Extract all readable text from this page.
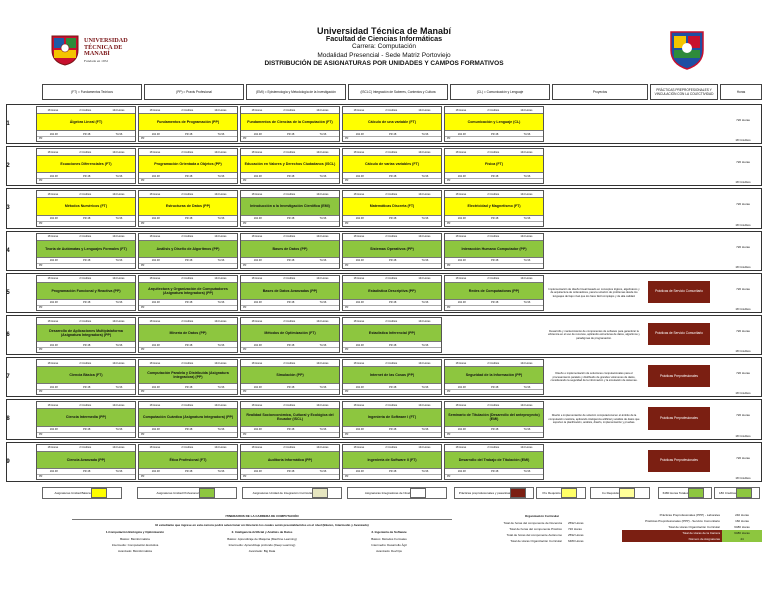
UNIVERSIDAD
TÉCNICA DE
MANABÍ
Fundada en 1952
Universidad Técnica de Manabí
Facultad de Ciencias Informáticas
Carrera: Computación
Modalidad Presencial - Sede Matriz Portoviejo
DISTRIBUCIÓN DE ASIGNATURAS POR UNIDADES Y CAMPOS FORMATIVOS
(FT) = Fundamentos Teóricos	(PP) = Praxis Profesional	(EMI) = Epistemología y Metodología de la Investigación	(ISCLC) Integración de Saberes, Contextos y Cultura	(CL) = Comunicación y Lenguaje	Proyectos	PRÁCTICAS PREPROFESIONALES Y VINCULACIÓN CON LA COLECTIVIDAD	Horas
1
18 Horas	2 Créditos	144 Horas
Álgebra Lineal (FT)
192 48	PR 48	TA 96
PR
18 Horas	2 Créditos	144 Horas
Fundamentos de Programación (PP)
192 48	PR 48	TA 96
PR
18 Horas	2 Créditos	144 Horas
Fundamentos de Ciencias de la Computación (FT)
192 48	PR 48	TA 96
PR
18 Horas	2 Créditos	144 Horas
Cálculo de una variable (FT)
192 48	PR 48	TA 96
PR
18 Horas	2 Créditos	144 Horas
Comunicación y Lenguaje (CL)
192 48	PR 48	TA 96
PR
720 Horas
18 Créditos
2
18 Horas	2 Créditos	144 Horas
Ecuaciones Diferenciales (FT)
192 48	PR 48	TA 96
PR
18 Horas	2 Créditos	144 Horas
Programación Orientada a Objetos (PP)
192 48	PR 48	TA 96
PR
18 Horas	2 Créditos	144 Horas
Educación en Valores y Derechos Ciudadanos (ISCL)
192 48	PR 48	TA 96
PR
18 Horas	2 Créditos	144 Horas
Cálculo de varias variables (FT)
192 48	PR 48	TA 96
PR
18 Horas	2 Créditos	144 Horas
Física (FT)
192 48	PR 48	TA 96
PR
720 Horas
18 Créditos
3
18 Horas	2 Créditos	144 Horas
Métodos Numéricos (FT)
192 48	PR 48	TA 96
PR
18 Horas	2 Créditos	144 Horas
Estructuras de Datos (PP)
192 48	PR 48	TA 96
PR
18 Horas	2 Créditos	144 Horas
Introducción a la Investigación Científica (EMI)
192 48	PR 48	TA 96
PR
18 Horas	2 Créditos	144 Horas
Matemáticas Discreta (FT)
192 48	PR 48	TA 96
PR
18 Horas	2 Créditos	144 Horas
Electricidad y Magnetismo (FT)
192 48	PR 48	TA 96
PR
720 Horas
18 Créditos
4
18 Horas	2 Créditos	144 Horas
Teoría de Autómatas y Lenguajes Formales (FT)
192 48	PR 48	TA 96
PR
18 Horas	2 Créditos	144 Horas
Análisis y Diseño de Algoritmos (PP)
192 48	PR 48	TA 96
PR
18 Horas	2 Créditos	144 Horas
Bases de Datos (PP)
192 48	PR 48	TA 96
PR
18 Horas	2 Créditos	144 Horas
Sistemas Operativos (PP)
192 48	PR 48	TA 96
PR
18 Horas	2 Créditos	144 Horas
Interacción Humano Computador (PP)
192 48	PR 48	TA 96
PR
720 Horas
18 Créditos
5
18 Horas	2 Créditos	144 Horas
Programación Funcional y Reactiva (PP)
192 48	PR 48	TA 96
PR
18 Horas	2 Créditos	144 Horas
Arquitectura y Organización de Computadores (Asignatura Integradora) (PP)
192 48	PR 48	TA 96
PR
18 Horas	2 Créditos	144 Horas
Bases de Datos Avanzadas (PP)
192 48	PR 48	TA 96
PR
18 Horas	2 Créditos	144 Horas
Estadística Descriptiva (PP)
192 48	PR 48	TA 96
PR
18 Horas	2 Créditos	144 Horas
Redes de Computadoras (PP)
192 48	PR 48	TA 96
PR
Implementación de diseño lineal basado en conceptos lógicos, algebraicos y de arquitectura de ordenadores, para la solución de problemas desde los lenguajes de bajo nivel que los hace fácil complejos y de alta calidad.
Prácticas de Servicio Comunitario
720 Horas
18 Créditos
6
18 Horas	2 Créditos	144 Horas
Desarrollo de Aplicaciones Multiplataforma (Asignatura Integradora) (PP)
192 48	PR 48	TA 96
PR
18 Horas	2 Créditos	144 Horas
Minería de Datos (PP)
192 48	PR 48	TA 96
PR
18 Horas	2 Créditos	144 Horas
Métodos de Optimización (FT)
192 48	PR 48	TA 96
PR
18 Horas	2 Créditos	144 Horas
Estadística Inferencial (PP)
192 48	PR 48	TA 96
PR
Desarrollo y mantenimiento de componentes de software para garantizar la eficiencia en el uso de recursos, aplicando estructuras de datos, algoritmos y paradigmas de programación.
Prácticas de Servicio Comunitario
720 Horas
18 Créditos
7
18 Horas	2 Créditos	144 Horas
Ciencia Básica (FT)
192 48	PR 48	TA 96
PR
18 Horas	2 Créditos	144 Horas
Computación Paralela y Distribuida (Asignatura Integradora) (PP)
192 48	PR 48	TA 96
PR
18 Horas	2 Créditos	144 Horas
Simulación (PP)
192 48	PR 48	TA 96
PR
18 Horas	2 Créditos	144 Horas
Internet de las Cosas (PP)
192 48	PR 48	TA 96
PR
18 Horas	2 Créditos	144 Horas
Seguridad de la Información (PP)
192 48	PR 48	TA 96
PR
Diseño e implementación de soluciones computacionales para el procesamiento paralelo y distribuido de grandes volúmenes de datos, considerando la seguridad de la información y la simulación de sistemas.
Prácticas Preprofesionales
720 Horas
18 Créditos
8
18 Horas	2 Créditos	144 Horas
Ciencia Intermedia (PP)
192 48	PR 48	TA 96
PR
18 Horas	2 Créditos	144 Horas
Computación Cuántica (Asignatura Integradora) (PP)
192 48	PR 48	TA 96
PR
18 Horas	2 Créditos	144 Horas
Realidad Socioeconómica, Cultural y Ecológica del Ecuador (ISCL)
192 48	PR 48	TA 96
PR
18 Horas	2 Créditos	144 Horas
Ingeniería de Software I (FT)
192 48	PR 48	TA 96
PR
18 Horas	2 Créditos	144 Horas
Seminario de Titulación (Desarrollo del anteproyecto) (EMI)
192 48	PR 48	TA 96
PR
Diseño e implementación de solución computacional en el ámbito de la computación cuántica, aplicando inteligencia artificial y análisis de datos que soporten la planificación, análisis, diseño, implementación y pruebas.
Prácticas Preprofesionales
720 Horas
18 Créditos
9
18 Horas	2 Créditos	144 Horas
Ciencia Avanzada (PP)
192 48	PR 48	TA 96
PR
18 Horas	2 Créditos	144 Horas
Ética Profesional (FT)
192 48	PR 48	TA 96
PR
18 Horas	2 Créditos	144 Horas
Auditoría Informática (PP)
192 48	PR 48	TA 96
PR
18 Horas	2 Créditos	144 Horas
Ingeniería de Software II (FT)
192 48	PR 48	TA 96
PR
18 Horas	2 Créditos	144 Horas
Desarrollo del Trabajo de Titulación (EMI)
192 48	PR 48	TA 96
PR
Prácticas Preprofesionales
720 Horas
18 Créditos
Asignaturas Unidad Básica	Asignaturas Unidad Profesional	Asignaturas Unidad de Integración Curricular	Asignaturas Integradoras de Nivel	Prácticas preprofesionales y pasantías	Pre Requisito	Co Requisito	6480 Horas Totales	180 Créditos
ITINERARIOS DE LA CARRERA DE COMPUTACIÓN
El estudiante que ingrese en esta carrera podrá seleccionar un itinerario los cuales serán preestablecidos en el nivel (Básico, Intermedio y Avanzado)
1.Computación Biológica y Optimización	2. Inteligencia Artificial y Análisis de Datos	3. Ingeniería de Software
Básico: Bioinformática	Básico: Aprendizaje de Máquina (Machine Learning)	Básico: Métodos Formales
Intermedio: Computación Evolutiva	Intermedio: Aprendizaje profundo (Deep Learning)	Intermedio: Desarrollo Ágil
Avanzado: Bioinformática	Avanzado: Big Data	Avanzado: DevOps
Organización Curricular
Total de horas del componente de Docencia 2592 Horas
Total de horas del componente Práctico 720 Horas
Total de horas del componente Autónomo 2592 Horas
Total de Horas Organización Curricular 6480 Horas
Prácticas Preprofesionales (PPP) - Laborales	240 Horas
Prácticas Preprofesionales (PPP) - Servicio Comunitario	160 Horas
Total de Horas Organización Curricular	6480 Horas
Total de Horas de la Carrera	6480 Horas
Número de Asignaturas	44
